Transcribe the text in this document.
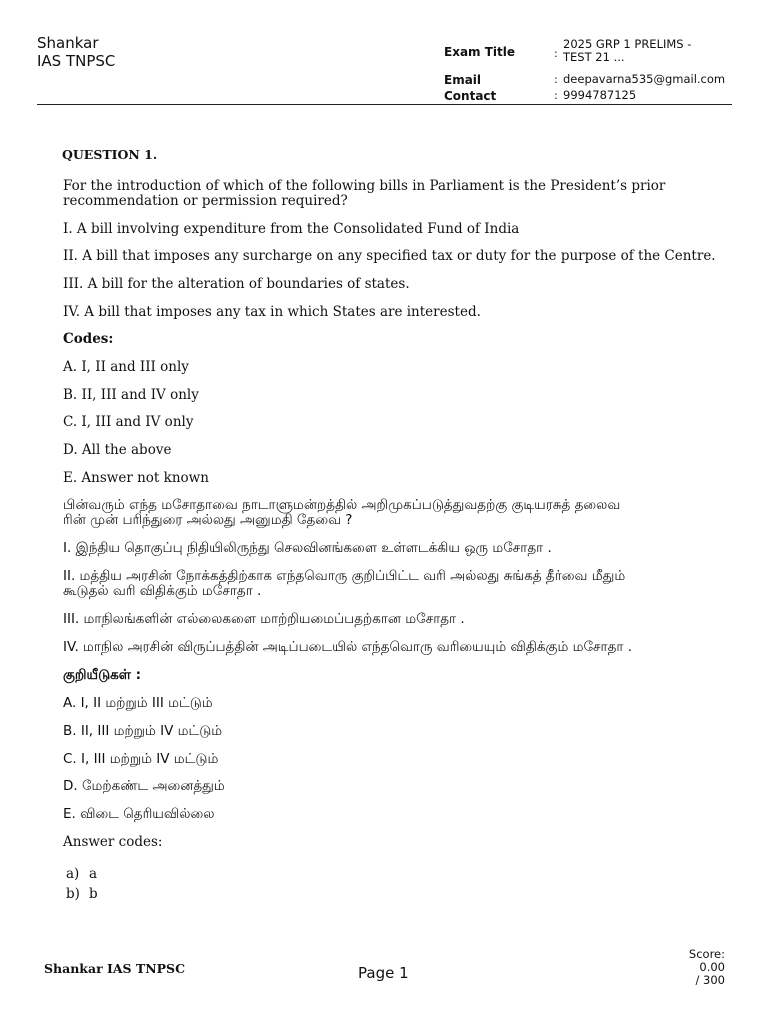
Shankar
IAS TNPSC	Exam Title	:
2025 GRP 1 PRELIMS -
TEST 21 ...
Email	: deepavarna535@gmail.com
Contact	: 9994787125
QUESTION 1.
For the introduction of which of the following bills in Parliament is the President’s prior
recommendation or permission required?
I. A bill involving expenditure from the Consolidated Fund of India
II. A bill that imposes any surcharge on any specified tax or duty for the purpose of the Centre.
III. A bill for the alteration of boundaries of states.
IV. A bill that imposes any tax in which States are interested.
Codes:
A. I, II and III only
B. II, III and IV only
C. I, III and IV only
D. All the above
E. Answer not known
பின்வரும் எந்த மசோதாவை நாடாளுமன்றத்தில் அறிமுகப்படுத்துவதற்கு குடியரசுத் தலைவ
ரின் முன் பரிந்துரை அல்லது அனுமதி தேவை ?
I. இந்திய தொகுப்பு நிதியிலிருந்து செலவினங்களை உள்ளடக்கிய ஒரு மசோதா .
II. மத்திய அரசின் நோக்கத்திற்காக எந்தவொரு குறிப்பிட்ட வரி அல்லது சுங்கத் தீர்வை மீதும்
கூடுதல் வரி விதிக்கும் மசோதா .
III. மாநிலங்களின் எல்லைகளை மாற்றியமைப்பதற்கான மசோதா .
IV. மாநில அரசின் விருப்பத்தின் அடிப்படையில் எந்தவொரு வரியையும் விதிக்கும் மசோதா .
குறியீடுகள் :
A. I, II மற்றும் III மட்டும்
B. II, III மற்றும் IV மட்டும்
C. I, III மற்றும் IV மட்டும்
D. மேற்கண்ட அனைத்தும்
E. விடை தெரியவில்லை
Answer codes:
a) a
b) b
Shankar IAS TNPSC	Page 1
Score:
0.00
/ 300
